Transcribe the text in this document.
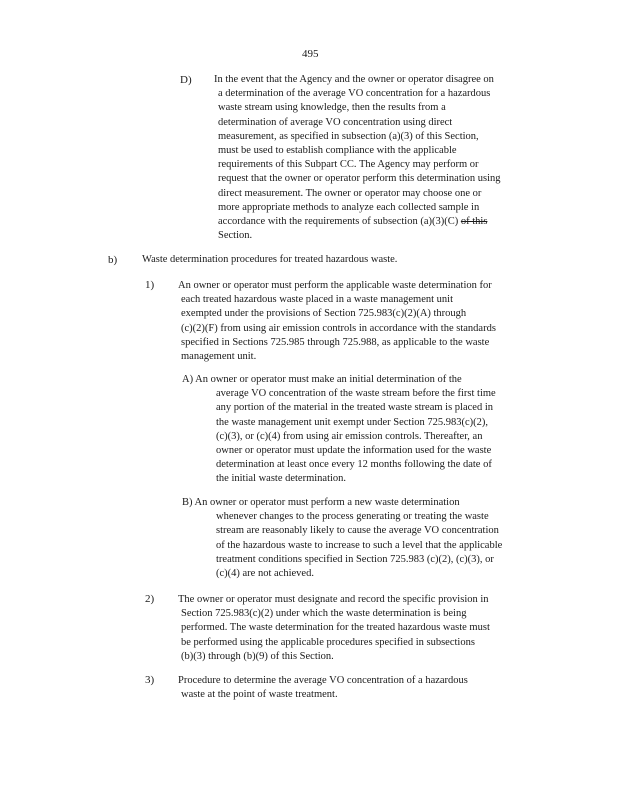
495
D) In the event that the Agency and the owner or operator disagree on
a determination of the average VO concentration for a hazardous
waste stream using knowledge, then the results from a
determination of average VO concentration using direct
measurement, as specified in subsection (a)(3) of this Section,
must be used to establish compliance with the applicable
requirements of this Subpart CC. The Agency may perform or
request that the owner or operator perform this determination using
direct measurement. The owner or operator may choose one or
more appropriate methods to analyze each collected sample in
accordance with the requirements of subsection (a)(3)(C) of this
Section.
b) Waste determination procedures for treated hazardous waste.
1) An owner or operator must perform the applicable waste determination for
each treated hazardous waste placed in a waste management unit
exempted under the provisions of Section 725.983(c)(2)(A) through
(c)(2)(F) from using air emission controls in accordance with the standards
specified in Sections 725.985 through 725.988, as applicable to the waste
management unit.
A) An owner or operator must make an initial determination of the
average VO concentration of the waste stream before the first time
any portion of the material in the treated waste stream is placed in
the waste management unit exempt under Section 725.983(c)(2),
(c)(3), or (c)(4) from using air emission controls. Thereafter, an
owner or operator must update the information used for the waste
determination at least once every 12 months following the date of
the initial waste determination.
B) An owner or operator must perform a new waste determination
whenever changes to the process generating or treating the waste
stream are reasonably likely to cause the average VO concentration
of the hazardous waste to increase to such a level that the applicable
treatment conditions specified in Section 725.983 (c)(2), (c)(3), or
(c)(4) are not achieved.
2) The owner or operator must designate and record the specific provision in
Section 725.983(c)(2) under which the waste determination is being
performed. The waste determination for the treated hazardous waste must
be performed using the applicable procedures specified in subsections
(b)(3) through (b)(9) of this Section.
3) Procedure to determine the average VO concentration of a hazardous
waste at the point of waste treatment.
